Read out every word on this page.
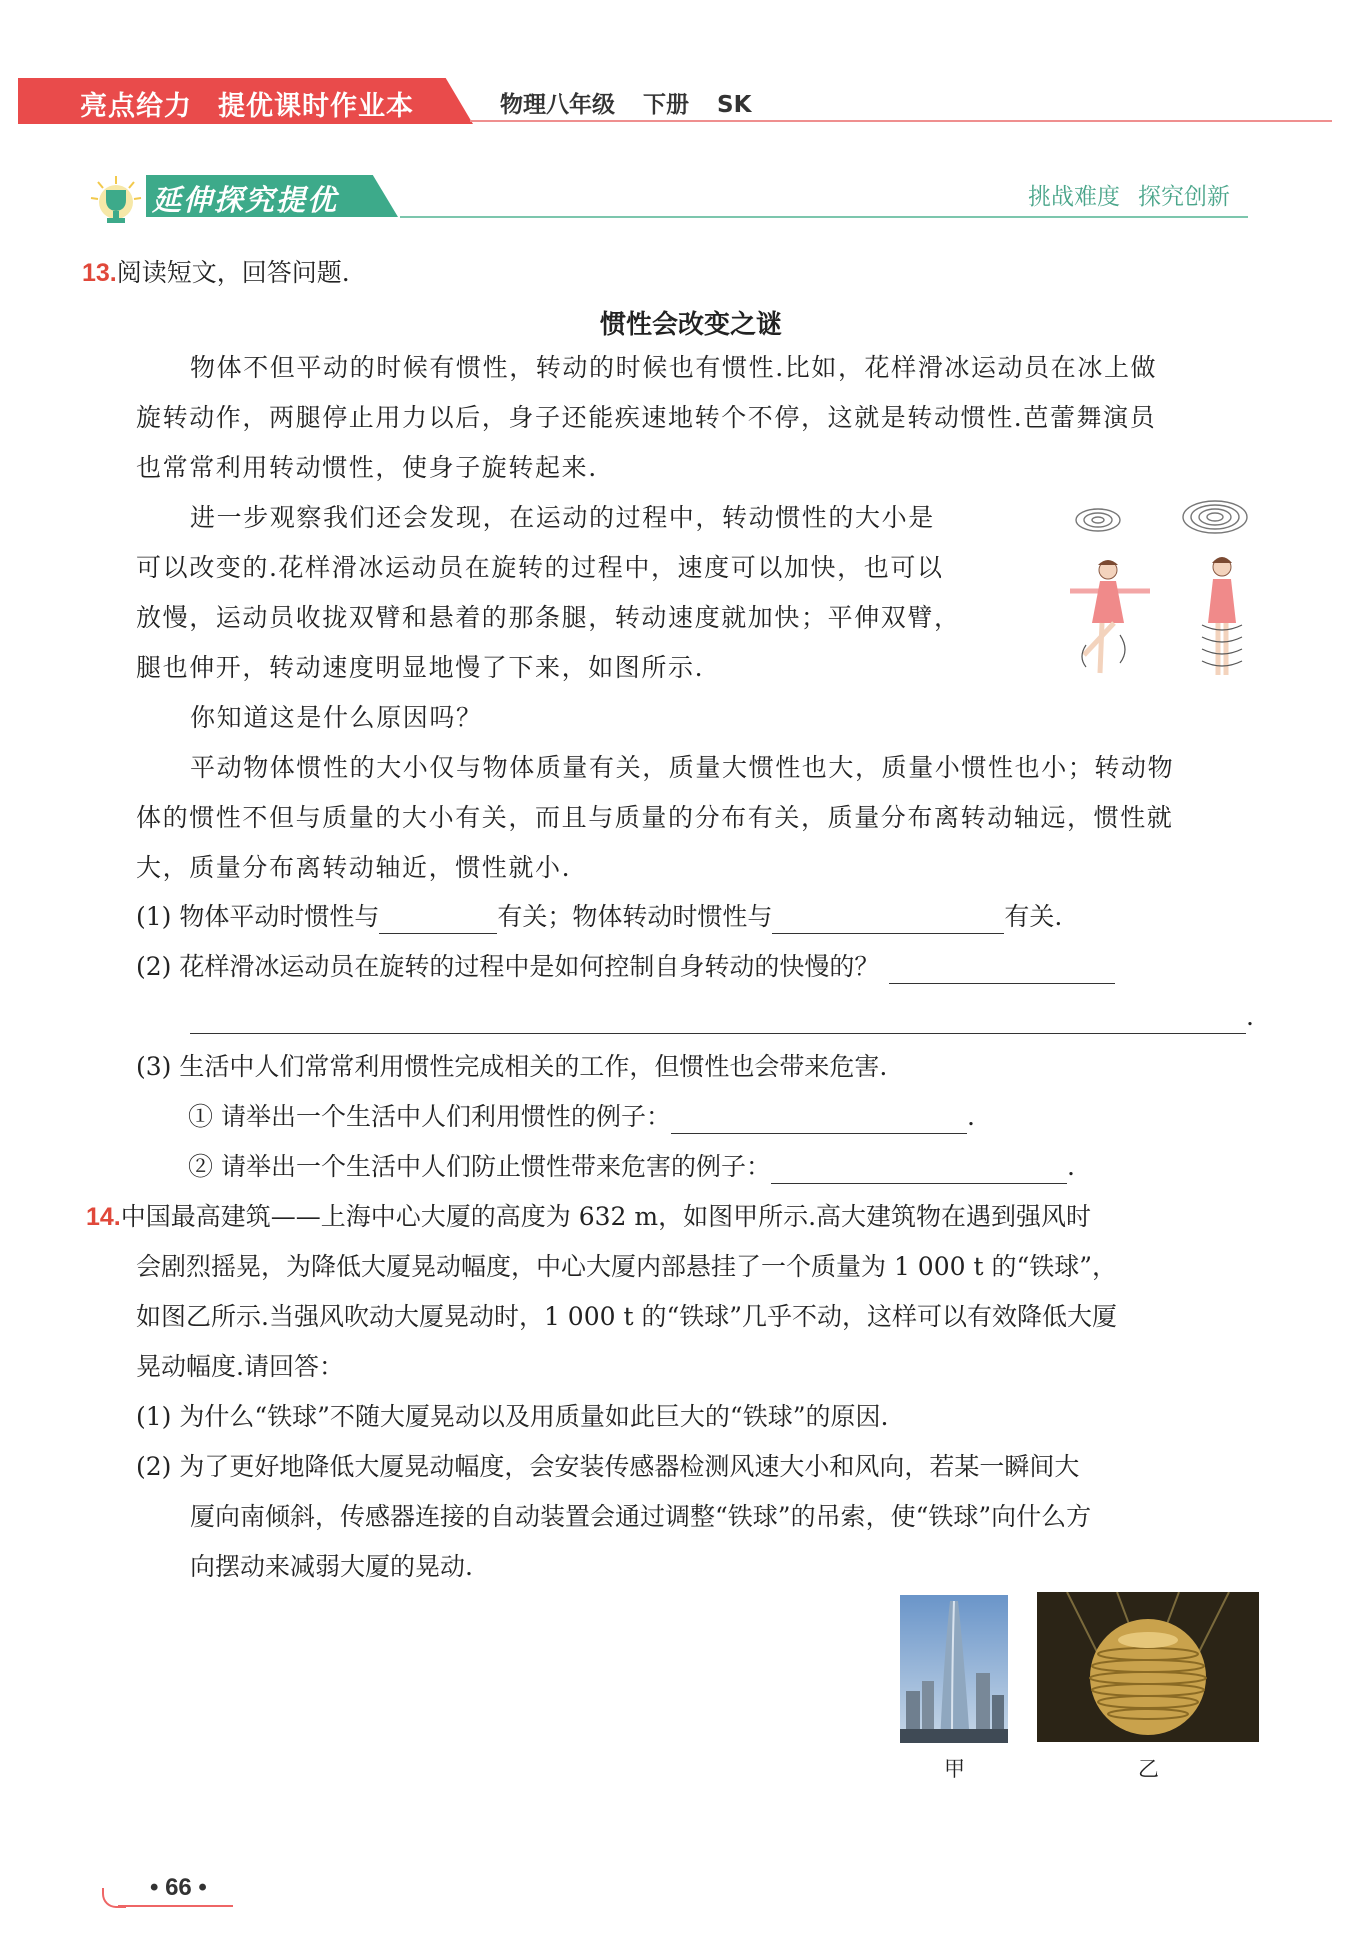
亮点给力 提优课时作业本	物理八年级 下册 SK
延伸探究提优	挑战难度 探究创新
13.阅读短文，回答问题.
惯性会改变之谜
物体不但平动的时候有惯性，转动的时候也有惯性.比如，花样滑冰运动员在冰上做
旋转动作，两腿停止用力以后，身子还能疾速地转个不停，这就是转动惯性.芭蕾舞演员
也常常利用转动惯性，使身子旋转起来.
进一步观察我们还会发现，在运动的过程中，转动惯性的大小是
可以改变的.花样滑冰运动员在旋转的过程中，速度可以加快，也可以
放慢，运动员收拢双臂和悬着的那条腿，转动速度就加快；平伸双臂，
腿也伸开，转动速度明显地慢了下来，如图所示.
你知道这是什么原因吗？
平动物体惯性的大小仅与物体质量有关，质量大惯性也大，质量小惯性也小；转动物
体的惯性不但与质量的大小有关，而且与质量的分布有关，质量分布离转动轴远，惯性就
大，质量分布离转动轴近，惯性就小.
(1) 物体平动时惯性与	有关；物体转动时惯性与	有关.
(2) 花样滑冰运动员在旋转的过程中是如何控制自身转动的快慢的？
.
(3) 生活中人们常常利用惯性完成相关的工作，但惯性也会带来危害.
① 请举出一个生活中人们利用惯性的例子：	.
② 请举出一个生活中人们防止惯性带来危害的例子：	.
14.中国最高建筑——上海中心大厦的高度为 632 m，如图甲所示.高大建筑物在遇到强风时
会剧烈摇晃，为降低大厦晃动幅度，中心大厦内部悬挂了一个质量为 1 000 t 的“铁球”，
如图乙所示.当强风吹动大厦晃动时，1 000 t 的“铁球”几乎不动，这样可以有效降低大厦
晃动幅度.请回答：
(1) 为什么“铁球”不随大厦晃动以及用质量如此巨大的“铁球”的原因.
(2) 为了更好地降低大厦晃动幅度，会安装传感器检测风速大小和风向，若某一瞬间大
厦向南倾斜，传感器连接的自动装置会通过调整“铁球”的吊索，使“铁球”向什么方
向摆动来减弱大厦的晃动.
甲	乙
• 66 •
